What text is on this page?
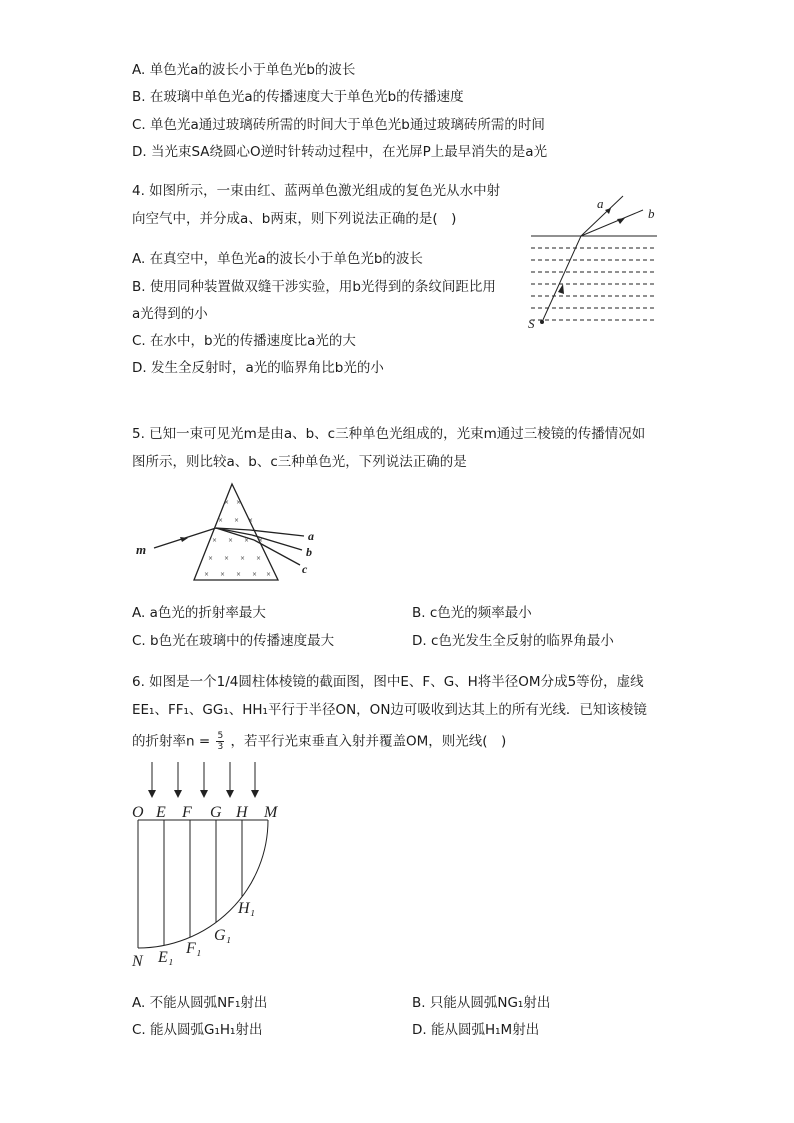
A. 单色光a的波长小于单色光b的波长
B. 在玻璃中单色光a的传播速度大于单色光b的传播速度
C. 单色光a通过玻璃砖所需的时间大于单色光b通过玻璃砖所需的时间
D. 当光束SA绕圆心O逆时针转动过程中，在光屏P上最早消失的是a光
4. 如图所示，一束由红、蓝两单色激光组成的复色光从水中射
向空气中，并分成a、b两束，则下列说法正确的是(　)
A. 在真空中，单色光a的波长小于单色光b的波长
B. 使用同种装置做双缝干涉实验，用b光得到的条纹间距比用
a光得到的小
C. 在水中，b光的传播速度比a光的大
D. 发生全反射时，a光的临界角比b光的小
a
b
S
5. 已知一束可见光m是由a、b、c三种单色光组成的，光束m通过三棱镜的传播情况如
图所示，则比较a、b、c三种单色光，下列说法正确的是
× ×
× × ×
× × × ×
× × × ×
× × × × ×
m
a
b
c
A. a色光的折射率最大	B. c色光的频率最小
C. b色光在玻璃中的传播速度最大	D. c色光发生全反射的临界角最小
6. 如图是一个1/4圆柱体棱镜的截面图，图中E、F、G、H将半径OM分成5等份，虚线
EE₁、FF₁、GG₁、HH₁平行于半径ON，ON边可吸收到达其上的所有光线．已知该棱镜
的折射率$n = \frac{5}{3}$ ，若平行光束垂直入射并覆盖OM，则光线(　)
O E F G H M
N E₁
F₁
G₁
H₁
A. 不能从圆弧NF₁射出	B. 只能从圆弧NG₁射出
C. 能从圆弧G₁H₁射出	D. 能从圆弧H₁M射出
